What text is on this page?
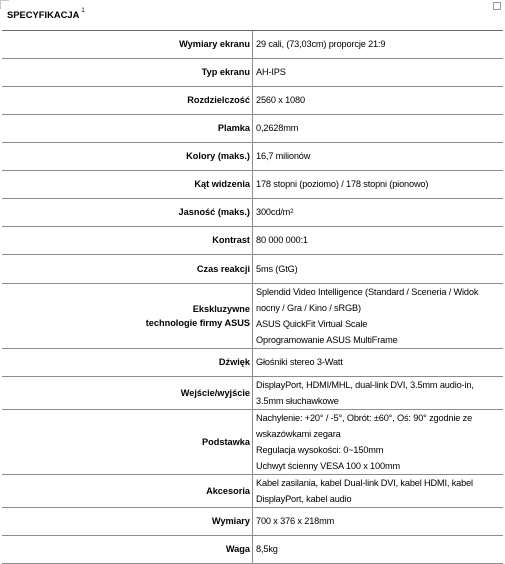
SPECYFIKACJA $^1$

Wymiary ekranu	29 cali, (73,03cm) proporcje 21:9

Typ ekranu	AH-IPS

Rozdzielczość	2560 x 1080

Plamka	0,2628mm

Kolory (maks.)	16,7 milionów

Kąt widzenia	178 stopni (poziomo) / 178 stopni (pionowo)

Jasność (maks.)	$300cd/m^2$

Kontrast	80 000 000:1

Czas reakcji	5ms (GtG)

Ekskluzywne
technologie firmy ASUS	Splendid Video Intelligence (Standard / Sceneria / Widok nocny / Gra / Kino / sRGB)
ASUS QuickFit Virtual Scale
Oprogramowanie ASUS MultiFrame

Dźwięk	Głośniki stereo 3-Watt

Wejście/wyjście	DisplayPort, HDMI/MHL, dual-link DVI, 3.5mm audio-in, 3.5mm słuchawkowe

Podstawka	Nachylenie: +20° / -5°, Obrót: ±60°, Oś: 90° zgodnie ze wskazówkami zegara
Regulacja wysokości: 0~150mm
Uchwyt ścienny VESA 100 x 100mm

Akcesoria	Kabel zasilania, kabel Dual-link DVI, kabel HDMI, kabel DisplayPort, kabel audio

Wymiary	700 x 376 x 218mm

Waga	8,5kg
